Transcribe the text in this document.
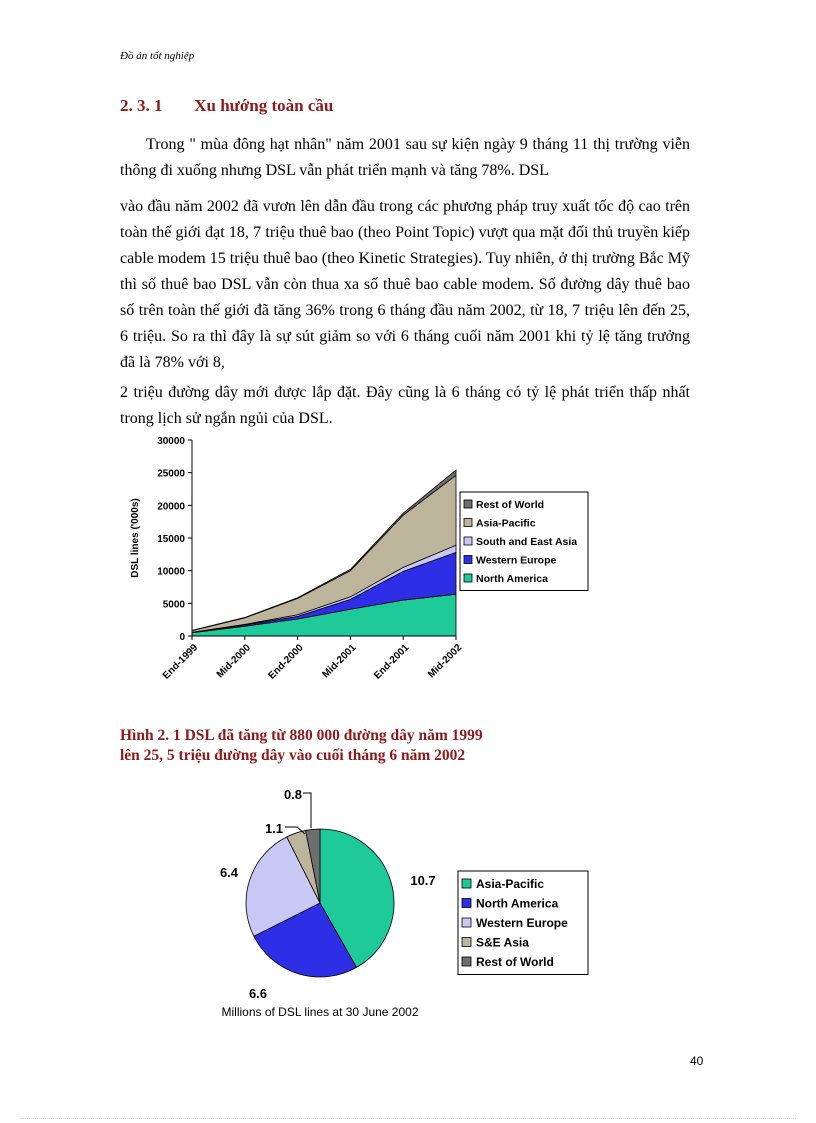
Đồ án tốt nghiệp
2. 3. 1 Xu hướng toàn cầu
Trong " mùa đông hạt nhân" năm 2001 sau sự kiện ngày 9 tháng 11 thị trường viễn thông đi xuống nhưng DSL vẫn phát triển mạnh và tăng 78%. DSL
vào đầu năm 2002 đã vươn lên dẫn đầu trong các phương pháp truy xuất tốc độ cao trên toàn thế giới đạt 18, 7 triệu thuê bao (theo Point Topic) vượt qua mặt đối thủ truyền kiếp cable modem 15 triệu thuê bao (theo Kinetic Strategies). Tuy nhiên, ở thị trường Bắc Mỹ thì số thuê bao DSL vẫn còn thua xa số thuê bao cable modem. Số đường dây thuê bao số trên toàn thế giới đã tăng 36% trong 6 tháng đầu năm 2002, từ 18, 7 triệu lên đến 25, 6 triệu. So ra thì đây là sự sút giảm so với 6 tháng cuối năm 2001 khi tỷ lệ tăng trưởng đã là 78% với 8,
2 triệu đường dây mới được lắp đặt. Ðây cũng là 6 tháng có tỷ lệ phát triển thấp nhất trong lịch sử ngắn ngủi của DSL.
DSL lines ('000s)
0
5000
10000
15000
20000
25000
30000
End-1999 Mid-2000 End-2000 Mid-2001 End-2001 Mid-2002
Rest of World
Asia-Pacific
South and East Asia
Western Europe
North America
Hình 2. 1 DSL đã tăng từ 880 000 đường dây năm 1999
lên 25, 5 triệu đường dây vào cuối tháng 6 năm 2002
10.7
6.6
6.4
1.1
0.8
Asia-Pacific
North America
Western Europe
S&E Asia
Rest of World
Millions of DSL lines at 30 June 2002
40
